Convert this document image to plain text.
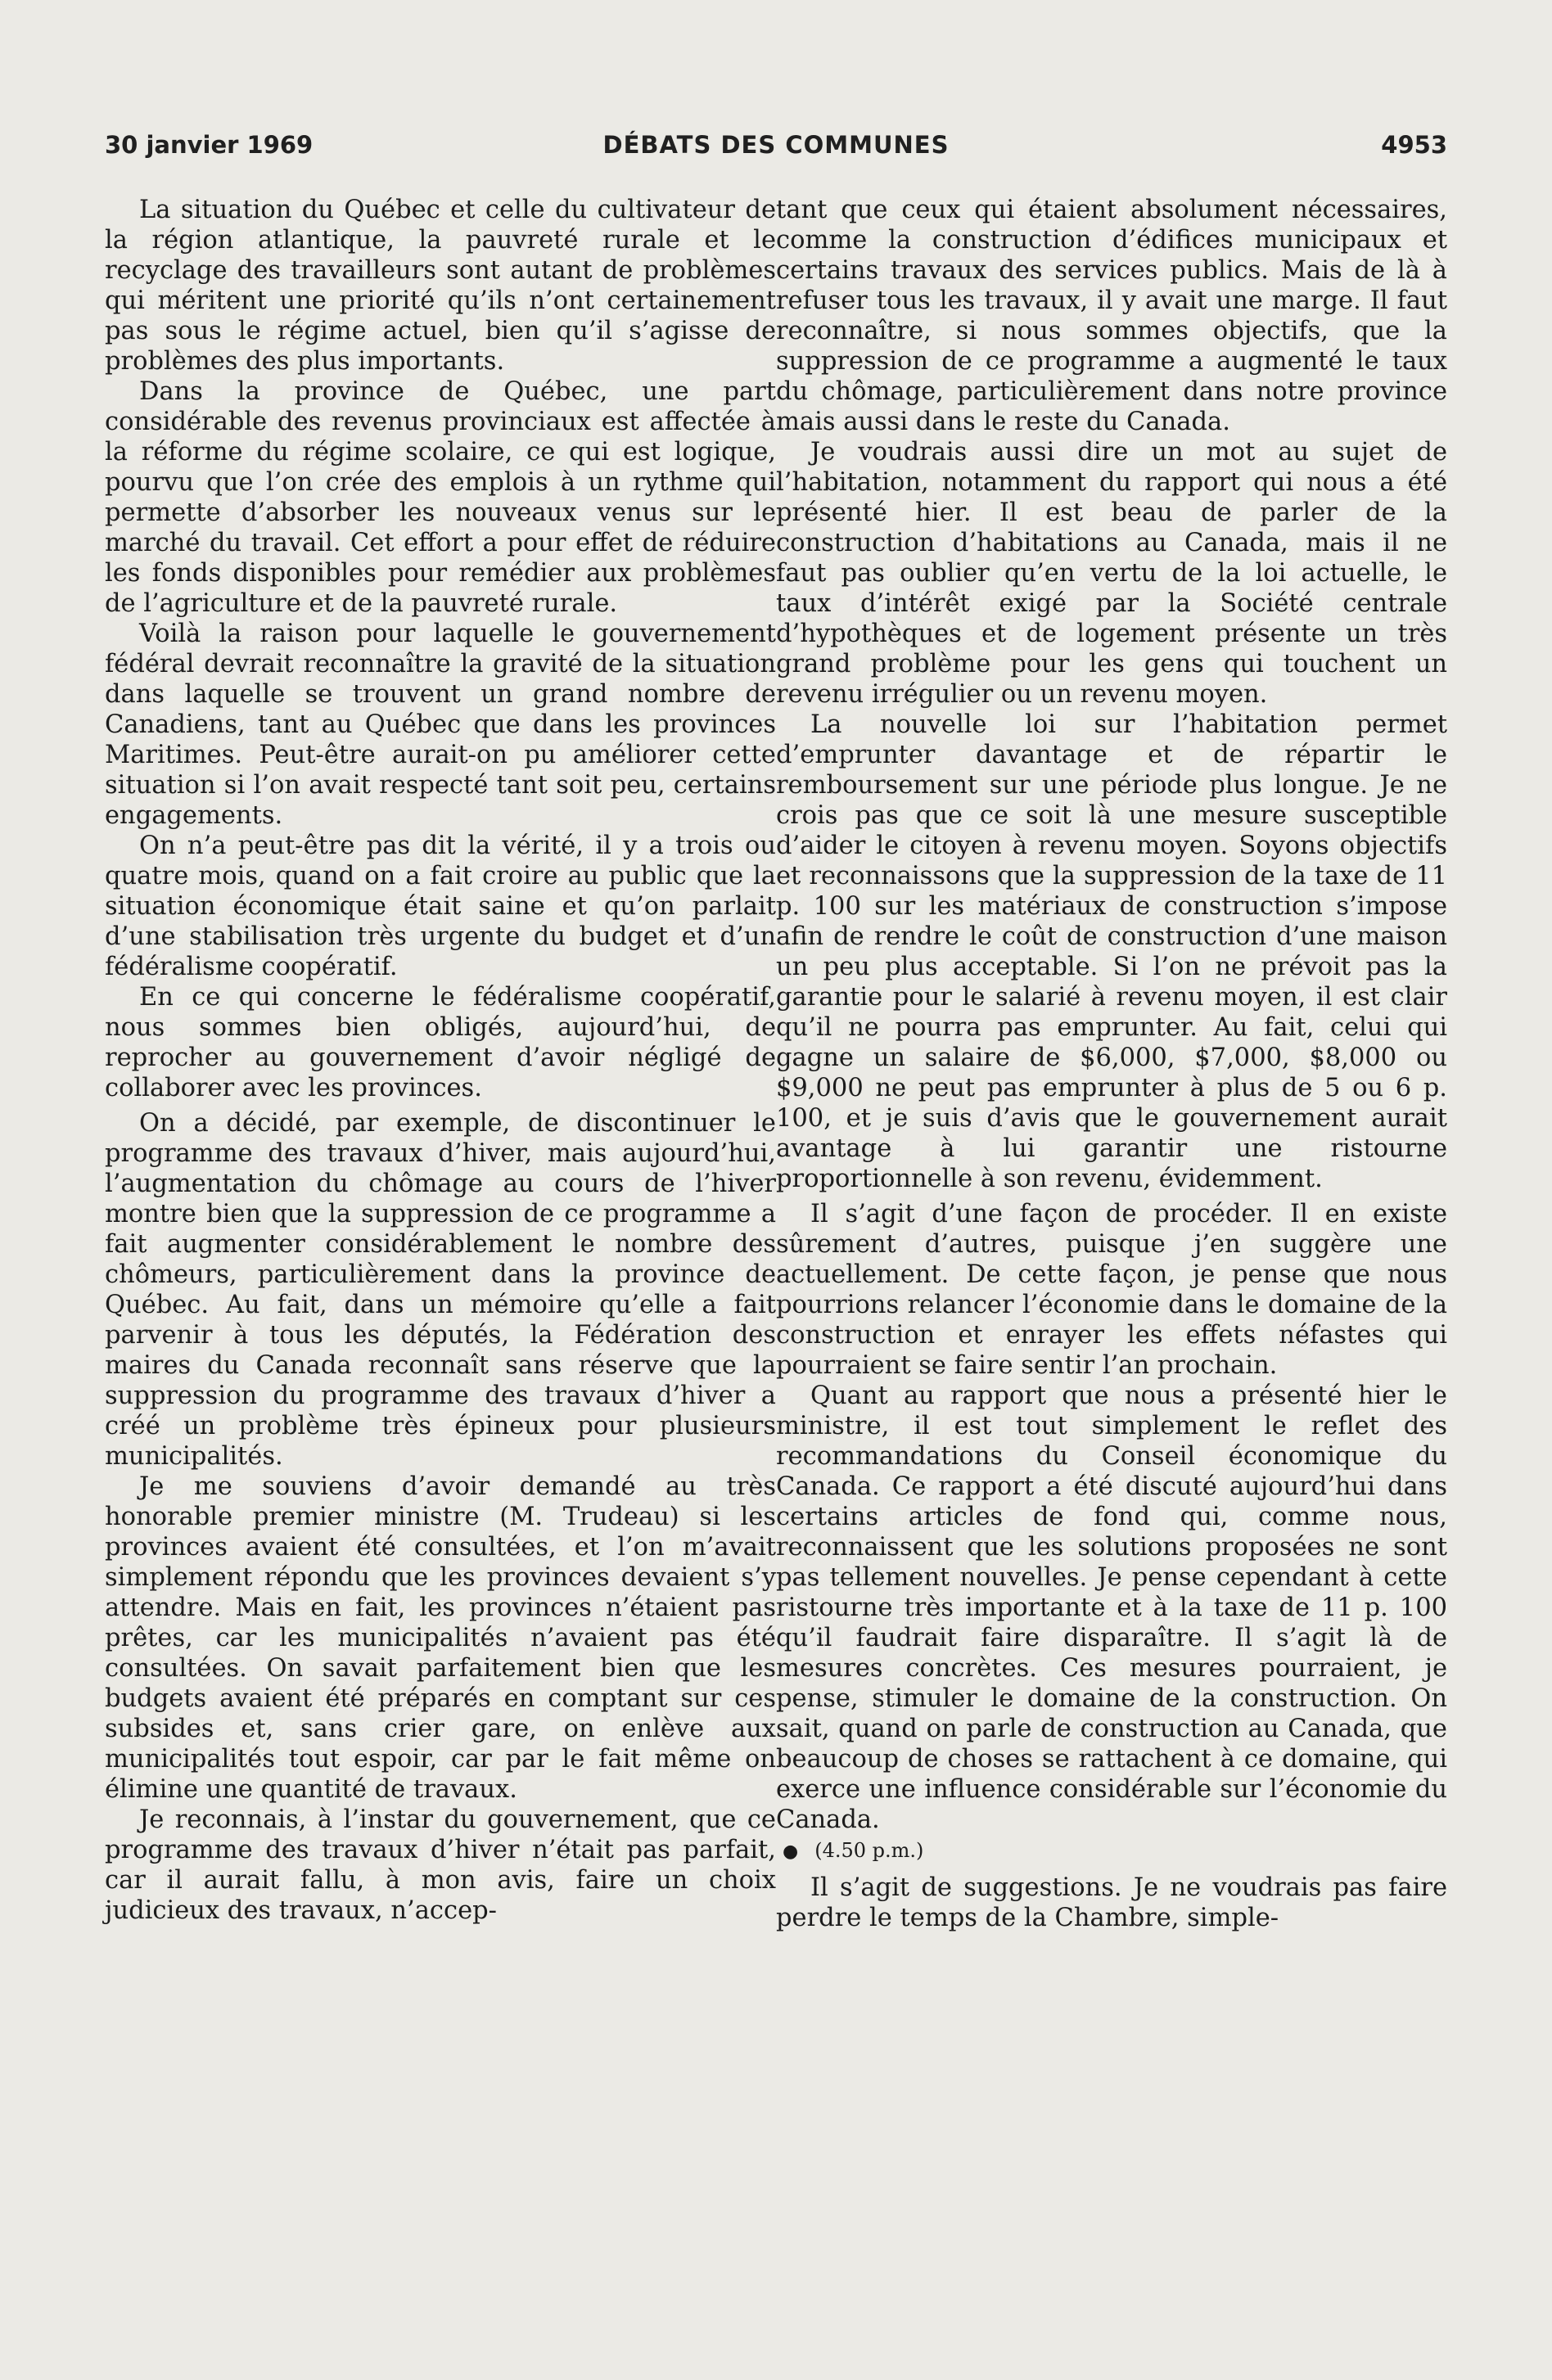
30 janvier 1969	DÉBATS DES COMMUNES	4953

La situation du Québec et celle du cultivateur de la région atlantique, la pauvreté rurale et le recyclage des travailleurs sont autant de problèmes qui méritent une priorité qu’ils n’ont certainement pas sous le régime actuel, bien qu’il s’agisse de problèmes des plus importants.

Dans la province de Québec, une part considérable des revenus provinciaux est affectée à la réforme du régime scolaire, ce qui est logique, pourvu que l’on crée des emplois à un rythme qui permette d’absorber les nouveaux venus sur le marché du travail. Cet effort a pour effet de réduire les fonds disponibles pour remédier aux problèmes de l’agriculture et de la pauvreté rurale.

Voilà la raison pour laquelle le gouvernement fédéral devrait reconnaître la gravité de la situation dans laquelle se trouvent un grand nombre de Canadiens, tant au Québec que dans les provinces Maritimes. Peut-être aurait-on pu améliorer cette situation si l’on avait respecté tant soit peu, certains engagements.

On n’a peut-être pas dit la vérité, il y a trois ou quatre mois, quand on a fait croire au public que la situation économique était saine et qu’on parlait d’une stabilisation très urgente du budget et d’un fédéralisme coopératif.

En ce qui concerne le fédéralisme coopératif, nous sommes bien obligés, aujourd’hui, de reprocher au gouvernement d’avoir négligé de collaborer avec les provinces.

On a décidé, par exemple, de discontinuer le programme des travaux d’hiver, mais aujourd’hui, l’augmentation du chômage au cours de l’hiver montre bien que la suppression de ce programme a fait augmenter considérablement le nombre des chômeurs, particulièrement dans la province de Québec. Au fait, dans un mémoire qu’elle a fait parvenir à tous les députés, la Fédération des maires du Canada reconnaît sans réserve que la suppression du programme des travaux d’hiver a créé un problème très épineux pour plusieurs municipalités.

Je me souviens d’avoir demandé au très honorable premier ministre (M. Trudeau) si les provinces avaient été consultées, et l’on m’avait simplement répondu que les provinces devaient s’y attendre. Mais en fait, les provinces n’étaient pas prêtes, car les municipalités n’avaient pas été consultées. On savait parfaitement bien que les budgets avaient été préparés en comptant sur ces subsides et, sans crier gare, on enlève aux municipalités tout espoir, car par le fait même on élimine une quantité de travaux.

Je reconnais, à l’instar du gouvernement, que ce programme des travaux d’hiver n’était pas parfait, car il aurait fallu, à mon avis, faire un choix judicieux des travaux, n’accep-

tant que ceux qui étaient absolument nécessaires, comme la construction d’édifices municipaux et certains travaux des services publics. Mais de là à refuser tous les travaux, il y avait une marge. Il faut reconnaître, si nous sommes objectifs, que la suppression de ce programme a augmenté le taux du chômage, particulièrement dans notre province mais aussi dans le reste du Canada.

Je voudrais aussi dire un mot au sujet de l’habitation, notamment du rapport qui nous a été présenté hier. Il est beau de parler de la construction d’habitations au Canada, mais il ne faut pas oublier qu’en vertu de la loi actuelle, le taux d’intérêt exigé par la Société centrale d’hypothèques et de logement présente un très grand problème pour les gens qui touchent un revenu irrégulier ou un revenu moyen.

La nouvelle loi sur l’habitation permet d’emprunter davantage et de répartir le remboursement sur une période plus longue. Je ne crois pas que ce soit là une mesure susceptible d’aider le citoyen à revenu moyen. Soyons objectifs et reconnaissons que la suppression de la taxe de 11 p. 100 sur les matériaux de construction s’impose afin de rendre le coût de construction d’une maison un peu plus acceptable. Si l’on ne prévoit pas la garantie pour le salarié à revenu moyen, il est clair qu’il ne pourra pas emprunter. Au fait, celui qui gagne un salaire de $6,000, $7,000, $8,000 ou $9,000 ne peut pas emprunter à plus de 5 ou 6 p. 100, et je suis d’avis que le gouvernement aurait avantage à lui garantir une ristourne proportionnelle à son revenu, évidemment.

Il s’agit d’une façon de procéder. Il en existe sûrement d’autres, puisque j’en suggère une actuellement. De cette façon, je pense que nous pourrions relancer l’économie dans le domaine de la construction et enrayer les effets néfastes qui pourraient se faire sentir l’an prochain.

Quant au rapport que nous a présenté hier le ministre, il est tout simplement le reflet des recommandations du Conseil économique du Canada. Ce rapport a été discuté aujourd’hui dans certains articles de fond qui, comme nous, reconnaissent que les solutions proposées ne sont pas tellement nouvelles. Je pense cependant à cette ristourne très importante et à la taxe de 11 p. 100 qu’il faudrait faire disparaître. Il s’agit là de mesures concrètes. Ces mesures pourraient, je pense, stimuler le domaine de la construction. On sait, quand on parle de construction au Canada, que beaucoup de choses se rattachent à ce domaine, qui exerce une influence considérable sur l’économie du Canada.

● (4.50 p.m.)

Il s’agit de suggestions. Je ne voudrais pas faire perdre le temps de la Chambre, simple-
